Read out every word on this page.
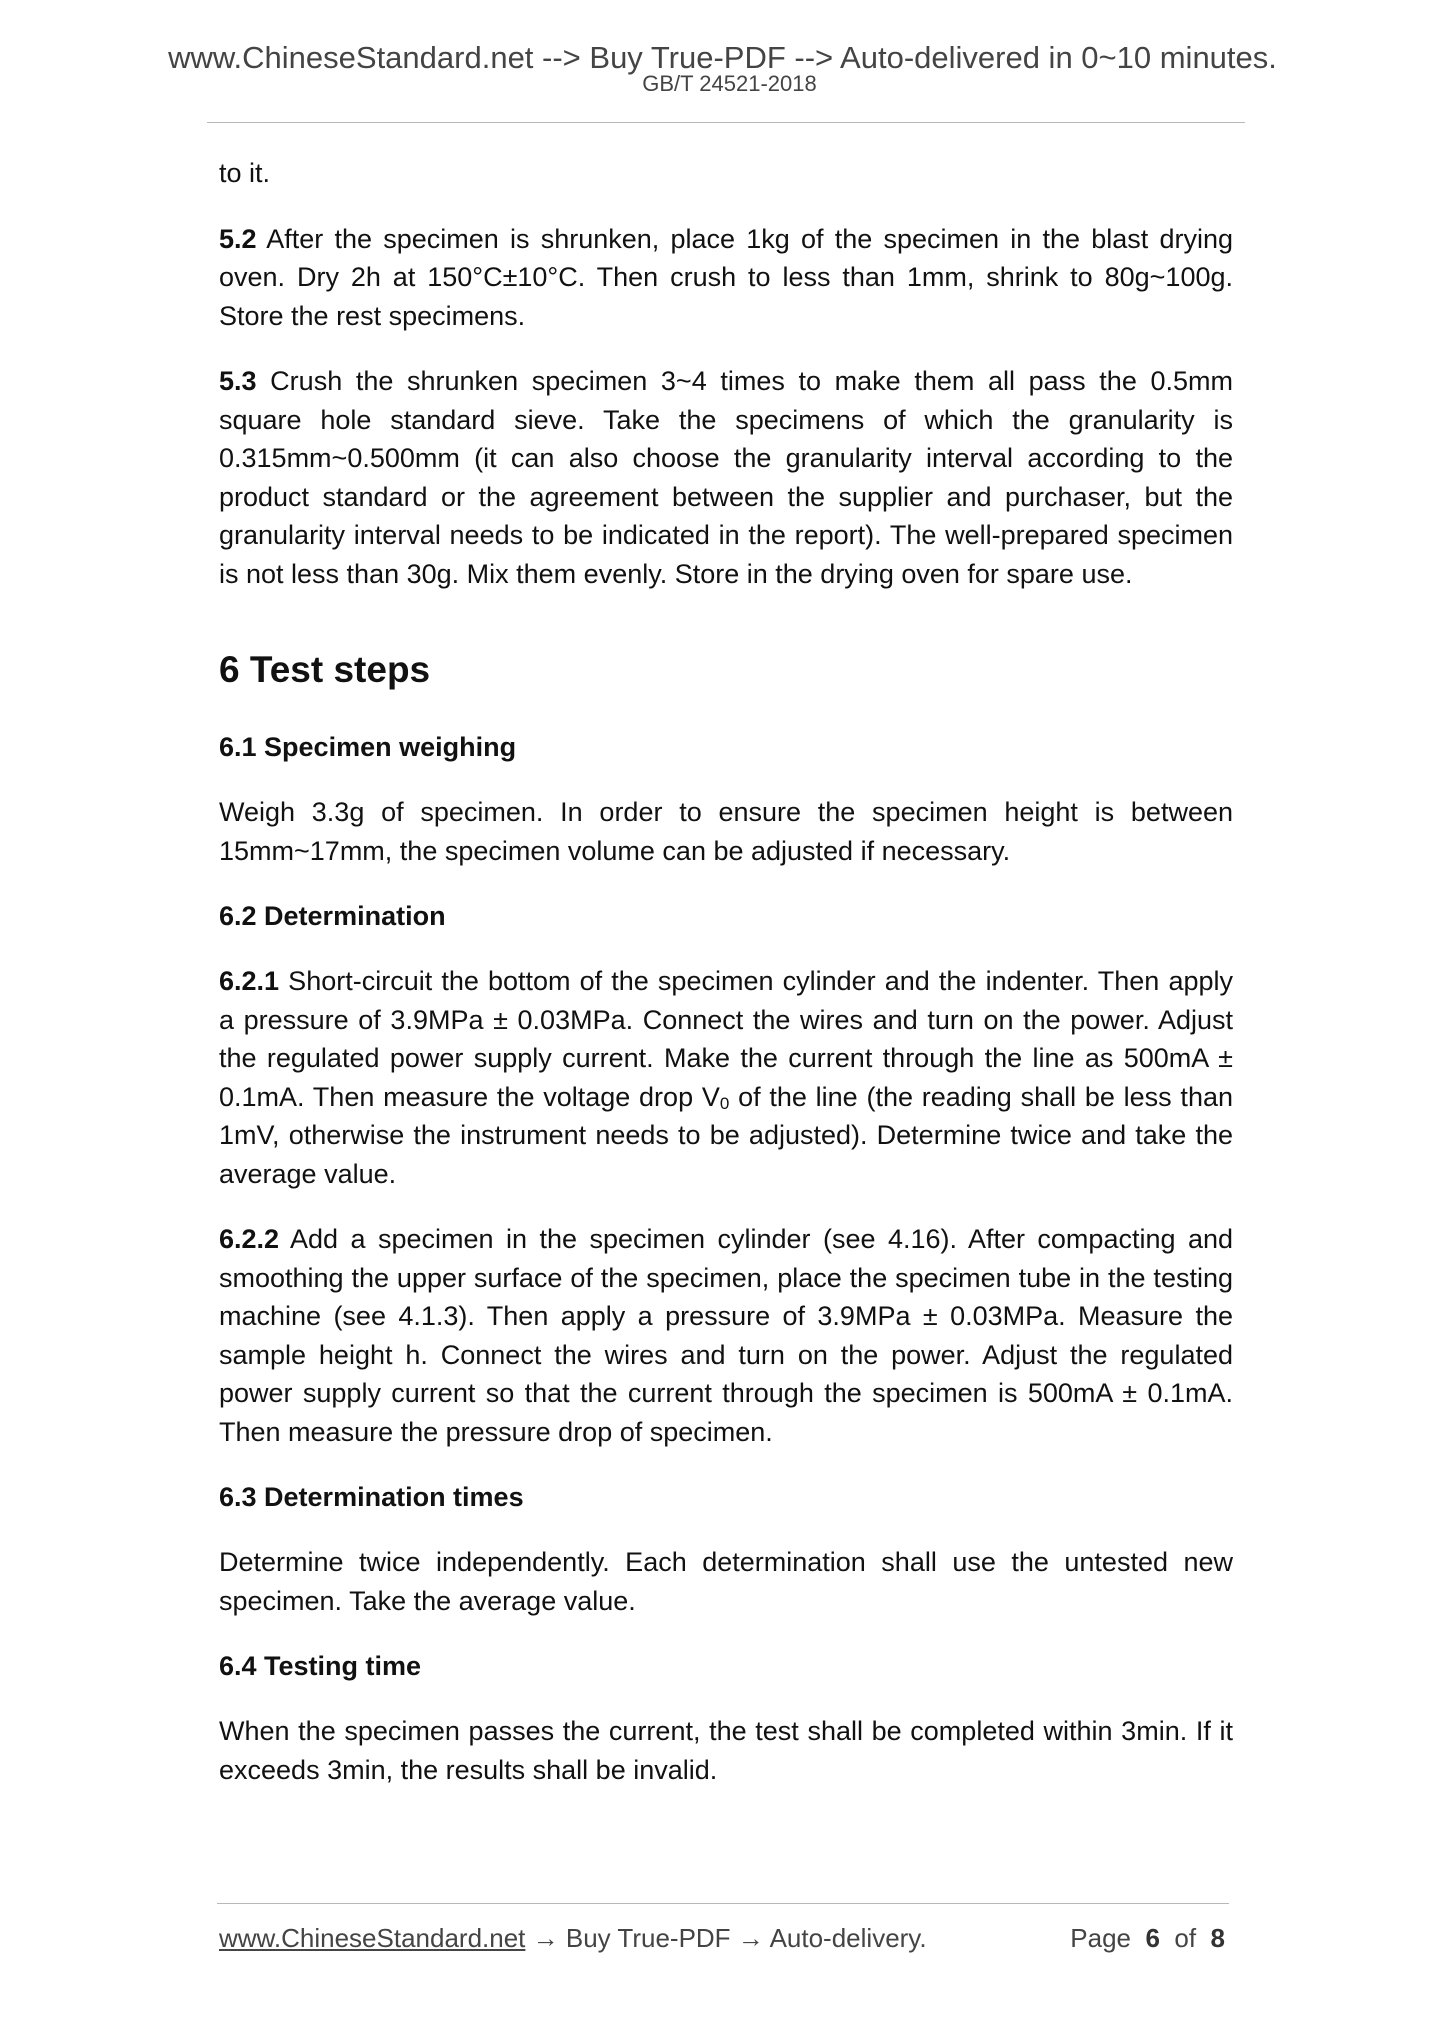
www.ChineseStandard.net --> Buy True-PDF --> Auto-delivered in 0~10 minutes.
GB/T 24521-2018

to it.

5.2 After the specimen is shrunken, place 1kg of the specimen in the blast drying oven. Dry 2h at 150°C±10°C. Then crush to less than 1mm, shrink to 80g~100g. Store the rest specimens.

5.3 Crush the shrunken specimen 3~4 times to make them all pass the 0.5mm square hole standard sieve. Take the specimens of which the granularity is 0.315mm~0.500mm (it can also choose the granularity interval according to the product standard or the agreement between the supplier and purchaser, but the granularity interval needs to be indicated in the report). The well-prepared specimen is not less than 30g. Mix them evenly. Store in the drying oven for spare use.

6 Test steps
6.1 Specimen weighing

Weigh 3.3g of specimen. In order to ensure the specimen height is between 15mm~17mm, the specimen volume can be adjusted if necessary.

6.2 Determination

6.2.1 Short-circuit the bottom of the specimen cylinder and the indenter. Then apply a pressure of 3.9MPa ± 0.03MPa. Connect the wires and turn on the power. Adjust the regulated power supply current. Make the current through the line as 500mA ± 0.1mA. Then measure the voltage drop $V_0$ of the line (the reading shall be less than 1mV, otherwise the instrument needs to be adjusted). Determine twice and take the average value.

6.2.2 Add a specimen in the specimen cylinder (see 4.16). After compacting and smoothing the upper surface of the specimen, place the specimen tube in the testing machine (see 4.1.3). Then apply a pressure of 3.9MPa ± 0.03MPa. Measure the sample height h. Connect the wires and turn on the power. Adjust the regulated power supply current so that the current through the specimen is 500mA ± 0.1mA. Then measure the pressure drop of specimen.

6.3 Determination times

Determine twice independently. Each determination shall use the untested new specimen. Take the average value.

6.4 Testing time

When the specimen passes the current, the test shall be completed within 3min. If it exceeds 3min, the results shall be invalid.

www.ChineseStandard.net → Buy True-PDF → Auto-delivery.	Page 6 of 8
